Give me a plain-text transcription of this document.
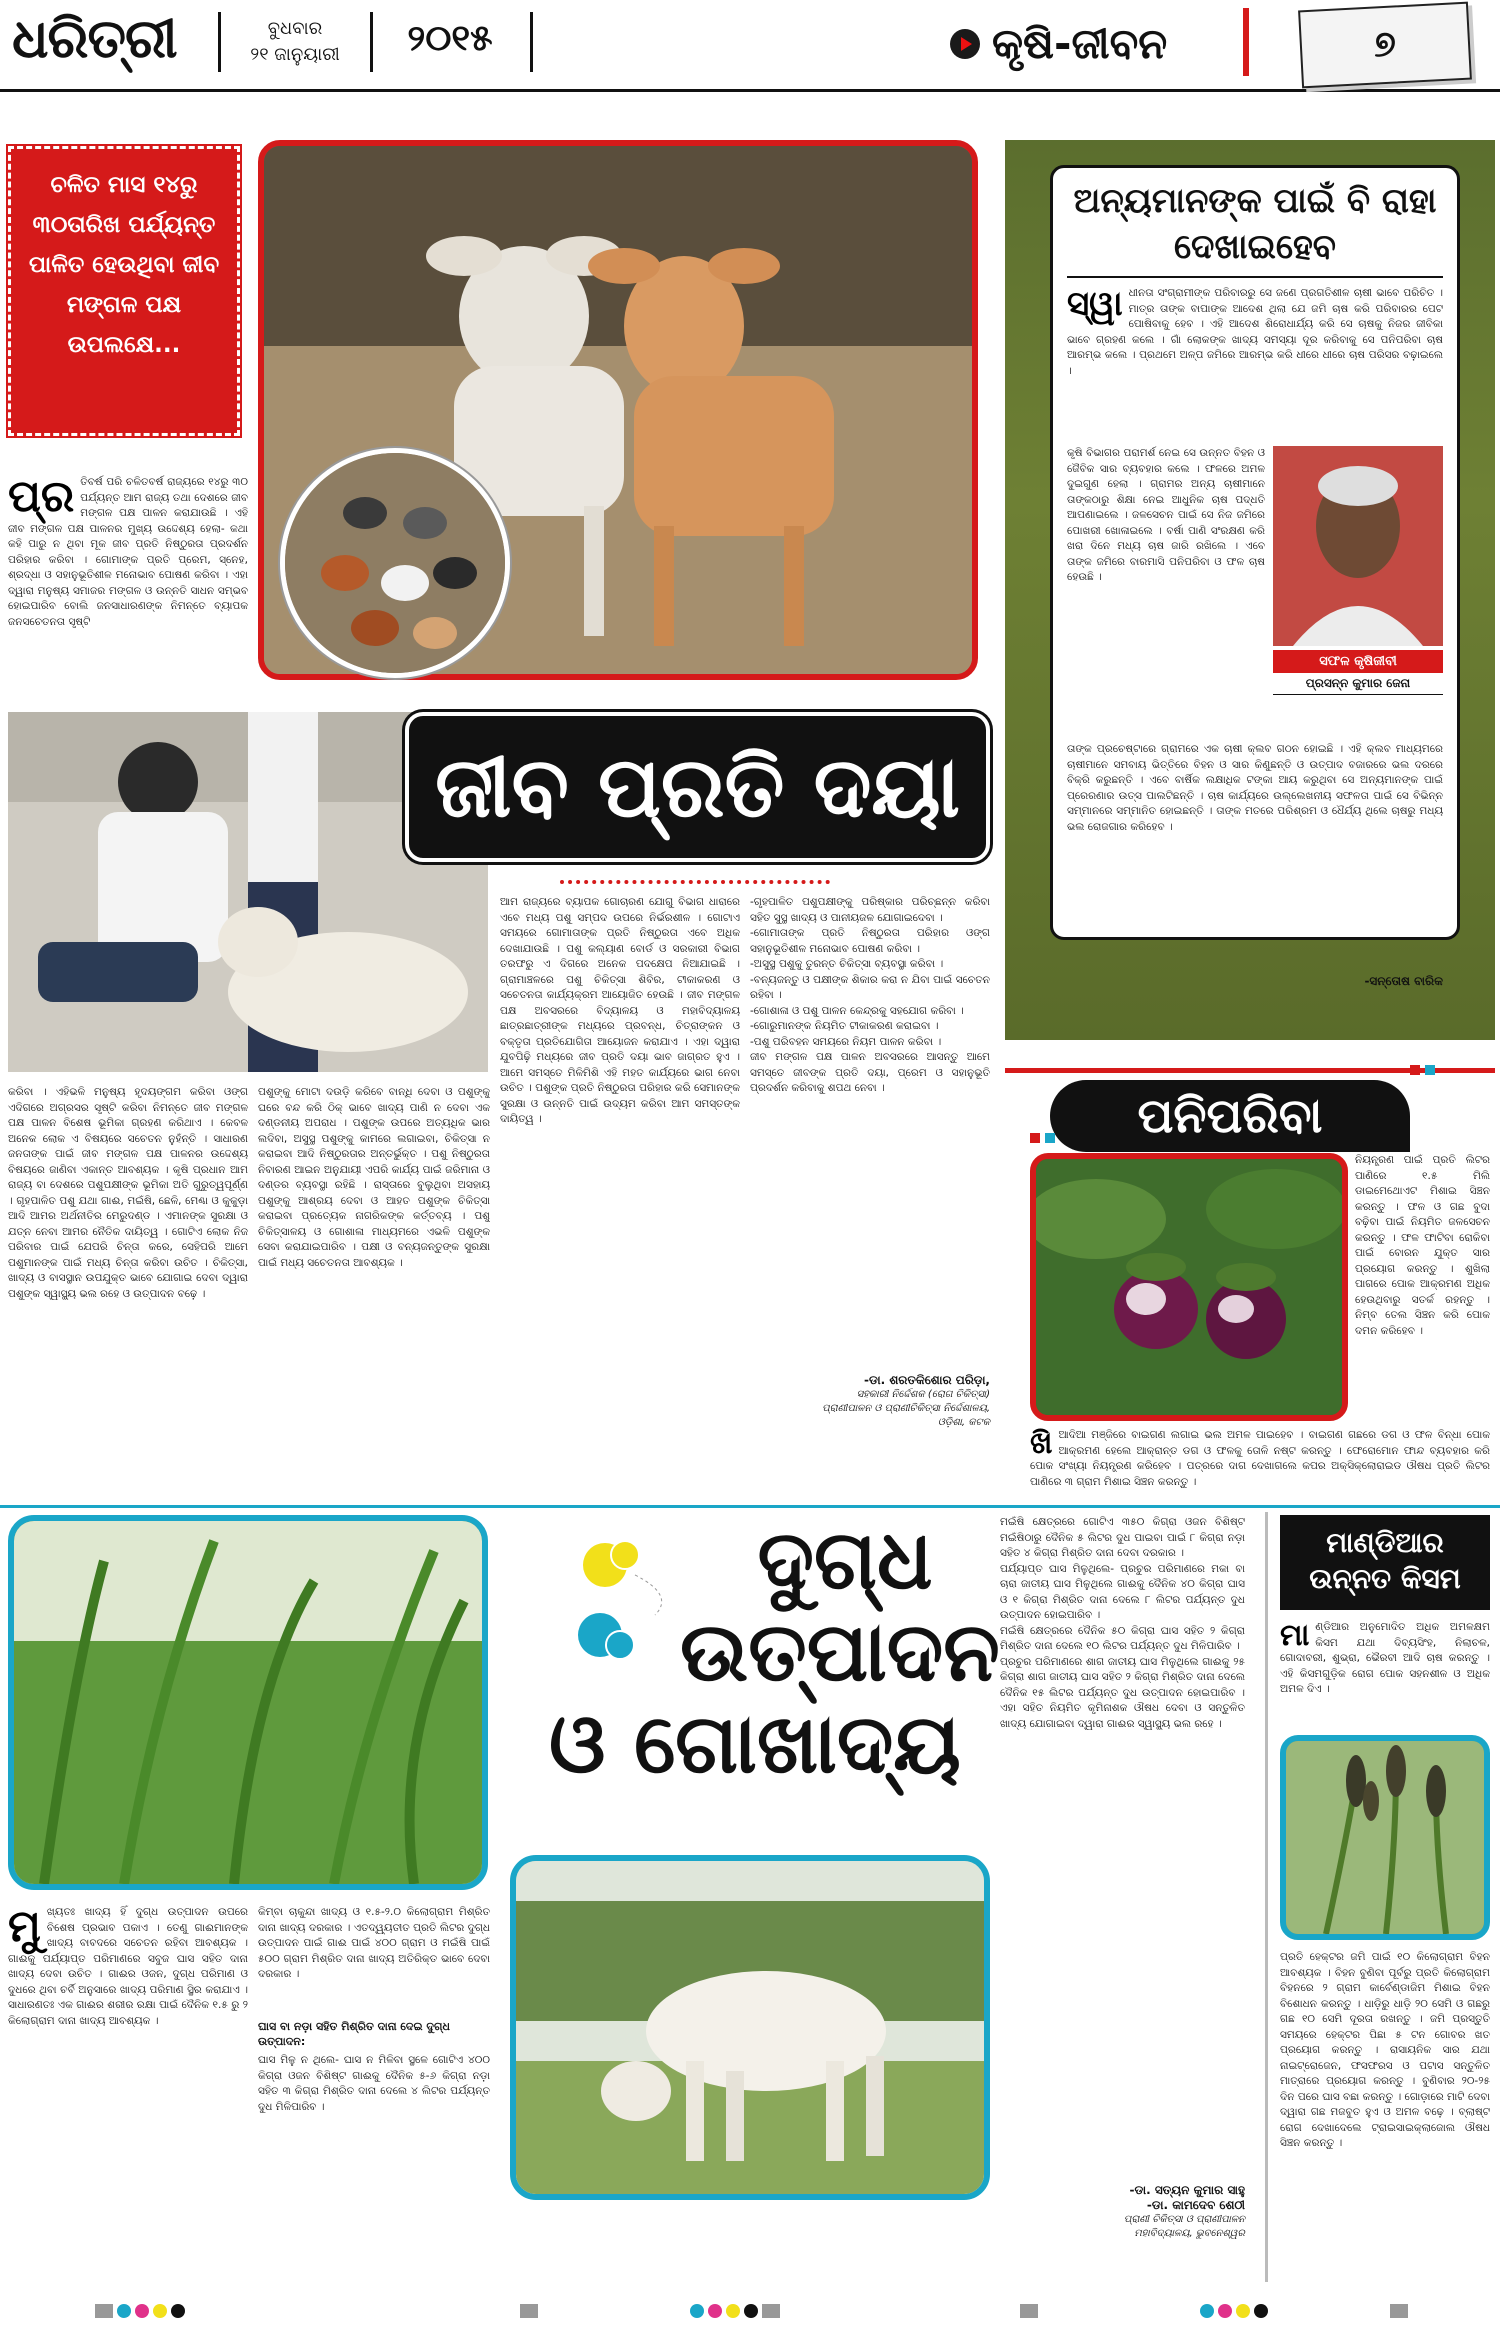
ଧରିତ୍ରୀ	ବୁଧବାର
୨୧ ଜାନୁୟାରୀ	୨୦୧୫	କୃଷି-ଜୀବନ	୭
ଚଳିତ ମାସ ୧୪ରୁ ୩୦ତାରିଖ ପର୍ଯ୍ୟନ୍ତ ପାଳିତ ହେଉଥିବା ଜୀବ ମଙ୍ଗଳ ପକ୍ଷ ଉପଲକ୍ଷେ...
ପ୍ର ତିବର୍ଷ ପରି ଚଳିତବର୍ଷ ରାଜ୍ୟରେ ୧୪ରୁ ୩୦ ପର୍ଯ୍ୟନ୍ତ ଆମ ରାଜ୍ୟ ତଥା ଦେଶରେ ଜୀବ ମଙ୍ଗଳ ପକ୍ଷ ପାଳନ କରାଯାଉଛି । ଏହି ଜୀବ ମଙ୍ଗଳ ପକ୍ଷ ପାଳନର ମୁଖ୍ୟ ଉଦ୍ଦେଶ୍ୟ ହେଲା- କଥା କହି ପାରୁ ନ ଥିବା ମୂକ ଜୀବ ପ୍ରତି ନିଷ୍ଠୁରତା ପ୍ରଦର୍ଶନ ପରିହାର କରିବା । ଗୋମାଙ୍କ ପ୍ରତି ପ୍ରେମ, ସ୍ନେହ, ଶ୍ରଦ୍ଧା ଓ ସହାନୁଭୂତିଶୀଳ ମନୋଭାବ ପୋଷଣ କରିବା । ଏହା ଦ୍ୱାରା ମନୁଷ୍ୟ ସମାଜର ମଙ୍ଗଳ ଓ ଉନ୍ନତି ସାଧନ ସମ୍ଭବ ହୋଇପାରିବ ବୋଲି ଜନସାଧାରଣଙ୍କ ନିମନ୍ତେ ବ୍ୟାପକ ଜନସଚେତନତା ସୃଷ୍ଟି
ଜୀବ ପ୍ରତି ଦୟା
କରିବା । ଏହିଭଳି ମନୁଷ୍ୟ ହୃଦୟଙ୍ଗମ କରିବା ଓଙ୍ଗ ଏଦିଗରେ ଅଗ୍ରସର ସୃଷ୍ଟି କରିବା ନିମନ୍ତେ ଜୀବ ମଙ୍ଗଳ ପକ୍ଷ ପାଳନ ବିଶେଷ ଭୂମିକା ଗ୍ରହଣ କରିଥାଏ । କେବଳ ଅନେକ ଲୋକ ଏ ବିଷୟରେ ସଚେତନ ନୁହଁନ୍ତି । ସାଧାରଣ ଜନତାଙ୍କ ପାଇଁ ଜୀବ ମଙ୍ଗଳ ପକ୍ଷ ପାଳନର ଉଦ୍ଦେଶ୍ୟ ବିଷୟରେ ଜାଣିବା ଏକାନ୍ତ ଆବଶ୍ୟକ । କୃଷି ପ୍ରଧାନ ଆମ ରାଜ୍ୟ ବା ଦେଶରେ ପଶୁପକ୍ଷୀଙ୍କ ଭୂମିକା ଅତି ଗୁରୁତ୍ୱପୂର୍ଣ୍ଣ । ଗୃହପାଳିତ ପଶୁ ଯଥା ଗାଈ, ମଇଁଷି, ଛେଳି, ମେଣ୍ଢା ଓ କୁକୁଡ଼ା ଆଦି ଆମର ଅର୍ଥନୀତିର ମେରୁଦଣ୍ଡ । ଏମାନଙ୍କ ସୁରକ୍ଷା ଓ ଯତ୍ନ ନେବା ଆମର ନୈତିକ ଦାୟିତ୍ୱ । ଗୋଟିଏ ଲୋକ ନିଜ ପରିବାର ପାଇଁ ଯେପରି ଚିନ୍ତା କରେ, ସେହିପରି ଆମେ ପଶୁମାନଙ୍କ ପାଇଁ ମଧ୍ୟ ଚିନ୍ତା କରିବା ଉଚିତ । ଚିକିତ୍ସା, ଖାଦ୍ୟ ଓ ବାସସ୍ଥାନ ଉପଯୁକ୍ତ ଭାବେ ଯୋଗାଇ ଦେବା ଦ୍ୱାରା ପଶୁଙ୍କ ସ୍ୱାସ୍ଥ୍ୟ ଭଲ ରହେ ଓ ଉତ୍ପାଦନ ବଢ଼େ ।
ପଶୁଙ୍କୁ ମୋଟା ଦଉଡ଼ି କରିବେ ବାନ୍ଧି ଦେବା ଓ ପଶୁଙ୍କୁ ଘରେ ବନ୍ଦ କରି ଠିକ୍ ଭାବେ ଖାଦ୍ୟ ପାଣି ନ ଦେବା ଏକ ଦଣ୍ଡନୀୟ ଅପରାଧ । ପଶୁଙ୍କ ଉପରେ ଅତ୍ୟଧିକ ଭାର ଲଦିବା, ଅସୁସ୍ଥ ପଶୁଙ୍କୁ କାମରେ ଲଗାଇବା, ଚିକିତ୍ସା ନ କରାଇବା ଆଦି ନିଷ୍ଠୁରତାର ଅନ୍ତର୍ଭୁକ୍ତ । ପଶୁ ନିଷ୍ଠୁରତା ନିବାରଣ ଆଇନ ଅନୁଯାୟୀ ଏପରି କାର୍ଯ୍ୟ ପାଇଁ ଜରିମାନା ଓ ଦଣ୍ଡର ବ୍ୟବସ୍ଥା ରହିଛି । ରାସ୍ତାରେ ବୁଲୁଥିବା ଅସହାୟ ପଶୁଙ୍କୁ ଆଶ୍ରୟ ଦେବା ଓ ଆହତ ପଶୁଙ୍କ ଚିକିତ୍ସା କରାଇବା ପ୍ରତ୍ୟେକ ନାଗରିକଙ୍କ କର୍ତ୍ତବ୍ୟ । ପଶୁ ଚିକିତ୍ସାଳୟ ଓ ଗୋଶାଳା ମାଧ୍ୟମରେ ଏଭଳି ପଶୁଙ୍କ ସେବା କରାଯାଇପାରିବ । ପକ୍ଷୀ ଓ ବନ୍ୟଜନ୍ତୁଙ୍କ ସୁରକ୍ଷା ପାଇଁ ମଧ୍ୟ ସଚେତନତା ଆବଶ୍ୟକ ।
ଆମ ରାଜ୍ୟରେ ବ୍ୟାପକ ଗୋଚାରଣ ଯୋଗୁ ବିଭାଗ ଧାରାରେ ଏବେ ମଧ୍ୟ ପଶୁ ସମ୍ପଦ ଉପରେ ନିର୍ଭରଶୀଳ । ଗୋଟାଏ ସମୟରେ ଗୋମାତାଙ୍କ ପ୍ରତି ନିଷ୍ଠୁରତା ଏବେ ଅଧିକ ଦେଖାଯାଉଛି । ପଶୁ କଲ୍ୟାଣ ବୋର୍ଡ ଓ ସରକାରୀ ବିଭାଗ ତରଫରୁ ଏ ଦିଗରେ ଅନେକ ପଦକ୍ଷେପ ନିଆଯାଇଛି । ଗ୍ରାମାଞ୍ଚଳରେ ପଶୁ ଚିକିତ୍ସା ଶିବିର, ଟୀକାକରଣ ଓ ସଚେତନତା କାର୍ଯ୍ୟକ୍ରମ ଆୟୋଜିତ ହେଉଛି । ଜୀବ ମଙ୍ଗଳ ପକ୍ଷ ଅବସରରେ ବିଦ୍ୟାଳୟ ଓ ମହାବିଦ୍ୟାଳୟ ଛାତ୍ରଛାତ୍ରୀଙ୍କ ମଧ୍ୟରେ ପ୍ରବନ୍ଧ, ଚିତ୍ରାଙ୍କନ ଓ ବକ୍ତୃତା ପ୍ରତିଯୋଗିତା ଆୟୋଜନ କରାଯାଏ । ଏହା ଦ୍ୱାରା ଯୁବପିଢ଼ି ମଧ୍ୟରେ ଜୀବ ପ୍ରତି ଦୟା ଭାବ ଜାଗ୍ରତ ହୁଏ । ଆମେ ସମସ୍ତେ ମିଳିମିଶି ଏହି ମହତ କାର୍ଯ୍ୟରେ ଭାଗ ନେବା ଉଚିତ । ପଶୁଙ୍କ ପ୍ରତି ନିଷ୍ଠୁରତା ପରିହାର କରି ସେମାନଙ୍କ ସୁରକ୍ଷା ଓ ଉନ୍ନତି ପାଇଁ ଉଦ୍ୟମ କରିବା ଆମ ସମସ୍ତଙ୍କ ଦାୟିତ୍ୱ ।
-ଗୃହପାଳିତ ପଶୁପକ୍ଷୀଙ୍କୁ ପରିଷ୍କାର ପରିଚ୍ଛନ୍ନ କରିବା ସହିତ ସୁସ୍ଥ ଖାଦ୍ୟ ଓ ପାନୀୟଜଳ ଯୋଗାଇଦେବା ।
-ଗୋମାତାଙ୍କ ପ୍ରତି ନିଷ୍ଠୁରତା ପରିହାର ଓଙ୍ଗ ସହାନୁଭୂତିଶୀଳ ମନୋଭାବ ପୋଷଣ କରିବା ।
-ଅସୁସ୍ଥ ପଶୁକୁ ତୁରନ୍ତ ଚିକିତ୍ସା ବ୍ୟବସ୍ଥା କରିବା ।
-ବନ୍ୟଜନ୍ତୁ ଓ ପକ୍ଷୀଙ୍କ ଶିକାର କରା ନ ଯିବା ପାଇଁ ସଚେତନ ରହିବା ।
-ଗୋଶାଳା ଓ ପଶୁ ପାଳନ କେନ୍ଦ୍ରକୁ ସହଯୋଗ କରିବା ।
-ଗୋରୁମାନଙ୍କ ନିୟମିତ ଟୀକାକରଣ କରାଇବା ।
-ପଶୁ ପରିବହନ ସମୟରେ ନିୟମ ପାଳନ କରିବା ।
ଜୀବ ମଙ୍ଗଳ ପକ୍ଷ ପାଳନ ଅବସରରେ ଆସନ୍ତୁ ଆମେ ସମସ୍ତେ ଜୀବଙ୍କ ପ୍ରତି ଦୟା, ପ୍ରେମ ଓ ସହାନୁଭୂତି ପ୍ରଦର୍ଶନ କରିବାକୁ ଶପଥ ନେବା ।
-ଡା. ଶରତକିଶୋର ପରିଡ଼ା,
ସହକାରୀ ନିର୍ଦ୍ଦେଶକ (ରୋଗ ଚିକିତ୍ସା)
ପ୍ରାଣୀପାଳନ ଓ ପ୍ରାଣୀଚିକିତ୍ସା ନିର୍ଦ୍ଦେଶାଳୟ,
ଓଡ଼ିଶା, କଟକ
ଅନ୍ୟମାନଙ୍କ ପାଇଁ ବି ରାହା ଦେଖାଇହେବ
ସ୍ୱା ଧୀନତା ସଂଗ୍ରାମୀଙ୍କ ପରିବାରରୁ ସେ ଜଣେ ପ୍ରଗତିଶୀଳ ଚାଷୀ ଭାବେ ପରିଚିତ । ମାତ୍ର ତାଙ୍କ ବାପାଙ୍କ ଆଦେଶ ଥିଲା ଯେ ଜମି ଚାଷ କରି ପରିବାରର ପେଟ ପୋଷିବାକୁ ହେବ । ଏହି ଆଦେଶ ଶିରୋଧାର୍ଯ୍ୟ କରି ସେ ଚାଷକୁ ନିଜର ଜୀବିକା ଭାବେ ଗ୍ରହଣ କଲେ । ଗାଁ ଲୋକଙ୍କ ଖାଦ୍ୟ ସମସ୍ୟା ଦୂର କରିବାକୁ ସେ ପନିପରିବା ଚାଷ ଆରମ୍ଭ କଲେ । ପ୍ରଥମେ ଅଳ୍ପ ଜମିରେ ଆରମ୍ଭ କରି ଧୀରେ ଧୀରେ ଚାଷ ପରିସର ବଢ଼ାଇଲେ ।
କୃଷି ବିଭାଗର ପରାମର୍ଶ ନେଇ ସେ ଉନ୍ନତ ବିହନ ଓ ଜୈବିକ ସାର ବ୍ୟବହାର କଲେ । ଫଳରେ ଅମଳ ଦୁଇଗୁଣ ହେଲା । ଗ୍ରାମର ଅନ୍ୟ ଚାଷୀମାନେ ତାଙ୍କଠାରୁ ଶିକ୍ଷା ନେଇ ଆଧୁନିକ ଚାଷ ପଦ୍ଧତି ଆପଣାଇଲେ । ଜଳସେଚନ ପାଇଁ ସେ ନିଜ ଜମିରେ ପୋଖରୀ ଖୋଳାଇଲେ । ବର୍ଷା ପାଣି ସଂରକ୍ଷଣ କରି ଖରା ଦିନେ ମଧ୍ୟ ଚାଷ ଜାରି ରଖିଲେ । ଏବେ ତାଙ୍କ ଜମିରେ ବାରମାସି ପନିପରିବା ଓ ଫଳ ଚାଷ ହେଉଛି ।
ସଫଳ କୃଷିଜୀବୀ
ପ୍ରସନ୍ନ କୁମାର ଜେନା
ତାଙ୍କ ପ୍ରଚେଷ୍ଟାରେ ଗ୍ରାମରେ ଏକ ଚାଷୀ କ୍ଲବ ଗଠନ ହୋଇଛି । ଏହି କ୍ଲବ ମାଧ୍ୟମରେ ଚାଷୀମାନେ ସମବାୟ ଭିତ୍ତିରେ ବିହନ ଓ ସାର କିଣୁଛନ୍ତି ଓ ଉତ୍ପାଦ ବଜାରରେ ଭଲ ଦରରେ ବିକ୍ରି କରୁଛନ୍ତି । ଏବେ ବାର୍ଷିକ ଲକ୍ଷାଧିକ ଟଙ୍କା ଆୟ କରୁଥିବା ସେ ଅନ୍ୟମାନଙ୍କ ପାଇଁ ପ୍ରେରଣାର ଉତ୍ସ ପାଲଟିଛନ୍ତି । ଚାଷ କାର୍ଯ୍ୟରେ ଉଲ୍ଲେଖନୀୟ ସଫଳତା ପାଇଁ ସେ ବିଭିନ୍ନ ସମ୍ମାନରେ ସମ୍ମାନିତ ହୋଇଛନ୍ତି । ତାଙ୍କ ମତରେ ପରିଶ୍ରମ ଓ ଧୈର୍ଯ୍ୟ ଥିଲେ ଚାଷରୁ ମଧ୍ୟ ଭଲ ରୋଜଗାର କରିହେବ ।
-ସନ୍ତୋଷ ବାରିକ

ପନିପରିବା

ନିୟନ୍ତ୍ରଣ ପାଇଁ ପ୍ରତି ଲିଟର ପାଣିରେ ୧.୫ ମିଲି ଡାଇମେଥୋଏଟ ମିଶାଇ ସିଞ୍ଚନ କରନ୍ତୁ । ଫଳ ଓ ଗଛ ବୁଦା ବଢ଼ିବା ପାଇଁ ନିୟମିତ ଜଳସେଚନ କରନ୍ତୁ । ଫଳ ଫାଟିବା ରୋକିବା ପାଇଁ ବୋରନ ଯୁକ୍ତ ସାର ପ୍ରୟୋଗ କରନ୍ତୁ । ଶୁଖିଲା ପାଗରେ ପୋକ ଆକ୍ରମଣ ଅଧିକ ହେଉଥିବାରୁ ସତର୍କ ରହନ୍ତୁ । ନିମ୍ବ ତେଲ ସିଞ୍ଚନ କରି ପୋକ ଦମନ କରିହେବ ।
ଖିଆଦିଆ ମଞ୍ଜିରେ ବାଇଗଣ ଲଗାଇ ଭଲ ଅମଳ ପାଇହେବ । ବାଇଗଣ ଗଛରେ ଡଗ ଓ ଫଳ ବିନ୍ଧା ପୋକ ଆକ୍ରମଣ ହେଲେ ଆକ୍ରାନ୍ତ ଡଗ ଓ ଫଳକୁ ତୋଳି ନଷ୍ଟ କରନ୍ତୁ । ଫେରୋମୋନ ଫାନ୍ଦ ବ୍ୟବହାର କରି ପୋକ ସଂଖ୍ୟା ନିୟନ୍ତ୍ରଣ କରିହେବ । ପତ୍ରରେ ଦାଗ ଦେଖାଗଲେ କପର ଅକ୍ସିକ୍ଲୋରାଇଡ ଔଷଧ ପ୍ରତି ଲିଟର ପାଣିରେ ୩ ଗ୍ରାମ ମିଶାଇ ସିଞ୍ଚନ କରନ୍ତୁ ।
ଦୁଗ୍ଧ
ଉତ୍ପାଦନ
ଓ ଗୋଖାଦ୍ୟ
ମୁଖ୍ୟତଃ ଖାଦ୍ୟ ହିଁ ଦୁଗ୍ଧ ଉତ୍ପାଦନ ଉପରେ ବିଶେଷ ପ୍ରଭାବ ପକାଏ । ତେଣୁ ଗାଈମାନଙ୍କ ଖାଦ୍ୟ ବାବଦରେ ସଚେତନ ରହିବା ଆବଶ୍ୟକ । ଗାଈକୁ ପର୍ଯ୍ୟାପ୍ତ ପରିମାଣରେ ସବୁଜ ଘାସ ସହିତ ଦାନା ଖାଦ୍ୟ ଦେବା ଉଚିତ । ଗାଈର ଓଜନ, ଦୁଗ୍ଧ ପରିମାଣ ଓ ଦୁଧରେ ଥିବା ଚର୍ବି ଅନୁସାରେ ଖାଦ୍ୟ ପରିମାଣ ସ୍ଥିର କରାଯାଏ । ସାଧାରଣତଃ ଏକ ଗାଈର ଶରୀର ରକ୍ଷା ପାଇଁ ଦୈନିକ ୧.୫ ରୁ ୨ କିଲୋଗ୍ରାମ ଦାନା ଖାଦ୍ୟ ଆବଶ୍ୟକ ।
କିମ୍ବା ଚାକୁନ୍ଦା ଖାଦ୍ୟ ଓ ୧.୫-୨.୦ କିଲୋଗ୍ରାମ ମିଶ୍ରିତ ଦାନା ଖାଦ୍ୟ ଦରକାର । ଏତଦ୍ୱ୍ୟତୀତ ପ୍ରତି ଲିଟର ଦୁଗ୍ଧ ଉତ୍ପାଦନ ପାଇଁ ଗାଈ ପାଇଁ ୪୦୦ ଗ୍ରାମ ଓ ମଇଁଷି ପାଇଁ ୫୦୦ ଗ୍ରାମ ମିଶ୍ରିତ ଦାନା ଖାଦ୍ୟ ଅତିରିକ୍ତ ଭାବେ ଦେବା ଦରକାର ।
ଘାସ ବା ନଡ଼ା ସହିତ ମିଶ୍ରିତ ଦାନା ଦେଇ ଦୁଗ୍ଧ ଉତ୍ପାଦନ:
ଘାସ ମିଳୁ ନ ଥିଲେ- ଘାସ ନ ମିଳିବା ସ୍ଥଳେ ଗୋଟିଏ ୪୦୦ କିଗ୍ରା ଓଜନ ବିଶିଷ୍ଟ ଗାଈକୁ ଦୈନିକ ୫-୬ କିଗ୍ରା ନଡ଼ା ସହିତ ୩ କିଗ୍ରା ମିଶ୍ରିତ ଦାନା ଦେଲେ ୪ ଲିଟର ପର୍ଯ୍ୟନ୍ତ ଦୁଧ ମିଳିପାରିବ ।
ମଇଁଷି କ୍ଷେତ୍ରରେ ଗୋଟିଏ ୩୫୦ କିଗ୍ରା ଓଜନ ବିଶିଷ୍ଟ ମଇଁଷିଠାରୁ ଦୈନିକ ୫ ଲିଟର ଦୁଧ ପାଇବା ପାଇଁ ୮ କିଗ୍ରା ନଡ଼ା ସହିତ ୪ କିଗ୍ରା ମିଶ୍ରିତ ଦାନା ଦେବା ଦରକାର ।
ପର୍ଯ୍ୟାପ୍ତ ଘାସ ମିଳୁଥିଲେ- ପ୍ରଚୁର ପରିମାଣରେ ମକା ବା ଚାରା ଜାତୀୟ ଘାସ ମିଳୁଥିଲେ ଗାଈକୁ ଦୈନିକ ୪୦ କିଗ୍ରା ଘାସ ଓ ୧ କିଗ୍ରା ମିଶ୍ରିତ ଦାନା ଦେଲେ ୮ ଲିଟର ପର୍ଯ୍ୟନ୍ତ ଦୁଧ ଉତ୍ପାଦନ ହୋଇପାରିବ ।
ମଇଁଷି କ୍ଷେତ୍ରରେ ଦୈନିକ ୫୦ କିଗ୍ରା ଘାସ ସହିତ ୨ କିଗ୍ରା ମିଶ୍ରିତ ଦାନା ଦେଲେ ୧୦ ଲିଟର ପର୍ଯ୍ୟନ୍ତ ଦୁଧ ମିଳିପାରିବ ।
ପ୍ରଚୁର ପରିମାଣରେ ଶାଗ ଜାତୀୟ ଘାସ ମିଳୁଥିଲେ ଗାଈକୁ ୨୫ କିଗ୍ରା ଶାଗ ଜାତୀୟ ଘାସ ସହିତ ୨ କିଗ୍ରା ମିଶ୍ରିତ ଦାନା ଦେଲେ ଦୈନିକ ୧୫ ଲିଟର ପର୍ଯ୍ୟନ୍ତ ଦୁଧ ଉତ୍ପାଦନ ହୋଇପାରିବ । ଏହା ସହିତ ନିୟମିତ କୃମିନାଶକ ଔଷଧ ଦେବା ଓ ସନ୍ତୁଳିତ ଖାଦ୍ୟ ଯୋଗାଇବା ଦ୍ୱାରା ଗାଈର ସ୍ୱାସ୍ଥ୍ୟ ଭଲ ରହେ ।
-ଡା. ସତ୍ୟନ କୁମାର ସାହୁ
-ଡା. କାମଦେବ ଶେଠୀ
ପ୍ରାଣୀ ଚିକିତ୍ସା ଓ ପ୍ରାଣୀପାଳନ
ମହାବିଦ୍ୟାଳୟ, ଭୁବନେଶ୍ୱର
ମାଣ୍ଡିଆର
ଉନ୍ନତ କିସମ
ମାଣ୍ଡିଆର ଅନୁମୋଦିତ ଅଧିକ ଅମଳକ୍ଷମ କିସମ ଯଥା ଦିବ୍ୟସିଂହ, ନିଲାଚଳ, ଗୋଦାବରୀ, ଶୁଭ୍ରା, ଭୈରବୀ ଆଦି ଚାଷ କରନ୍ତୁ । ଏହି କିସମଗୁଡ଼ିକ ରୋଗ ପୋକ ସହନଶୀଳ ଓ ଅଧିକ ଅମଳ ଦିଏ ।
ପ୍ରତି ହେକ୍ଟର ଜମି ପାଇଁ ୧୦ କିଲୋଗ୍ରାମ ବିହନ ଆବଶ୍ୟକ । ବିହନ ବୁଣିବା ପୂର୍ବରୁ ପ୍ରତି କିଲୋଗ୍ରାମ ବିହନରେ ୨ ଗ୍ରାମ କାର୍ବେଣ୍ଡାଜିମ ମିଶାଇ ବିହନ ବିଶୋଧନ କରନ୍ତୁ । ଧାଡ଼ିରୁ ଧାଡ଼ି ୨୦ ସେମି ଓ ଗଛରୁ ଗଛ ୧୦ ସେମି ଦୂରତା ରଖନ୍ତୁ । ଜମି ପ୍ରସ୍ତୁତି ସମୟରେ ହେକ୍ଟର ପିଛା ୫ ଟନ ଗୋବର ଖତ ପ୍ରୟୋଗ କରନ୍ତୁ । ରାସାୟନିକ ସାର ଯଥା ନାଇଟ୍ରୋଜେନ, ଫସଫରସ ଓ ପଟାସ ସନ୍ତୁଳିତ ମାତ୍ରାରେ ପ୍ରୟୋଗ କରନ୍ତୁ । ବୁଣିବାର ୨୦-୨୫ ଦିନ ପରେ ଘାସ ବଛା କରନ୍ତୁ । ଗୋଡ଼ାରେ ମାଟି ଦେବା ଦ୍ୱାରା ଗଛ ମଜବୁତ ହୁଏ ଓ ଅମଳ ବଢ଼େ । ବ୍ଲାଷ୍ଟ ରୋଗ ଦେଖାଦେଲେ ଟ୍ରାଇସାଇକ୍ଲାଜୋଲ ଔଷଧ ସିଞ୍ଚନ କରନ୍ତୁ ।
